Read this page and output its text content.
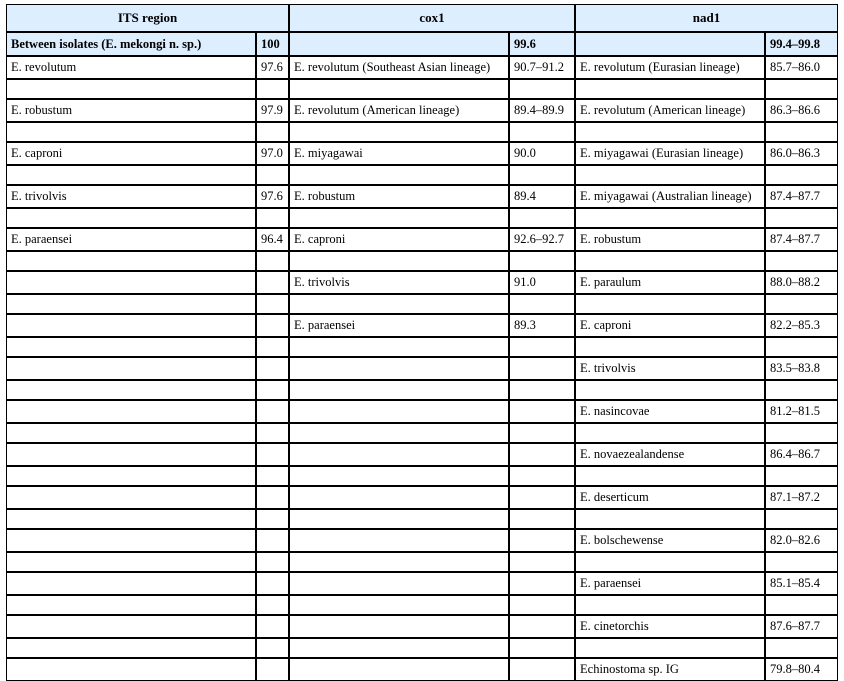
ITS region		cox1		nad1	
Between isolates (E. mekongi n. sp.)	100		99.6		99.4–99.8
E. revolutum	97.6	E. revolutum (Southeast Asian lineage)	90.7–91.2	E. revolutum (Eurasian lineage)	85.7–86.0

E. robustum	97.9	E. revolutum (American lineage)	89.4–89.9	E. revolutum (American lineage)	86.3–86.6

E. caproni	97.0	E. miyagawai	90.0	E. miyagawai (Eurasian lineage)	86.0–86.3

E. trivolvis	97.6	E. robustum	89.4	E. miyagawai (Australian lineage)	87.4–87.7

E. paraensei	96.4	E. caproni	92.6–92.7	E. robustum	87.4–87.7

		E. trivolvis	91.0	E. paraulum	88.0–88.2

		E. paraensei	89.3	E. caproni	82.2–85.3

				E. trivolvis	83.5–83.8

				E. nasincovae	81.2–81.5

				E. novaezealandense	86.4–86.7

				E. deserticum	87.1–87.2

				E. bolschewense	82.0–82.6

				E. paraensei	85.1–85.4

				E. cinetorchis	87.6–87.7

				Echinostoma sp. IG	79.8–80.4
